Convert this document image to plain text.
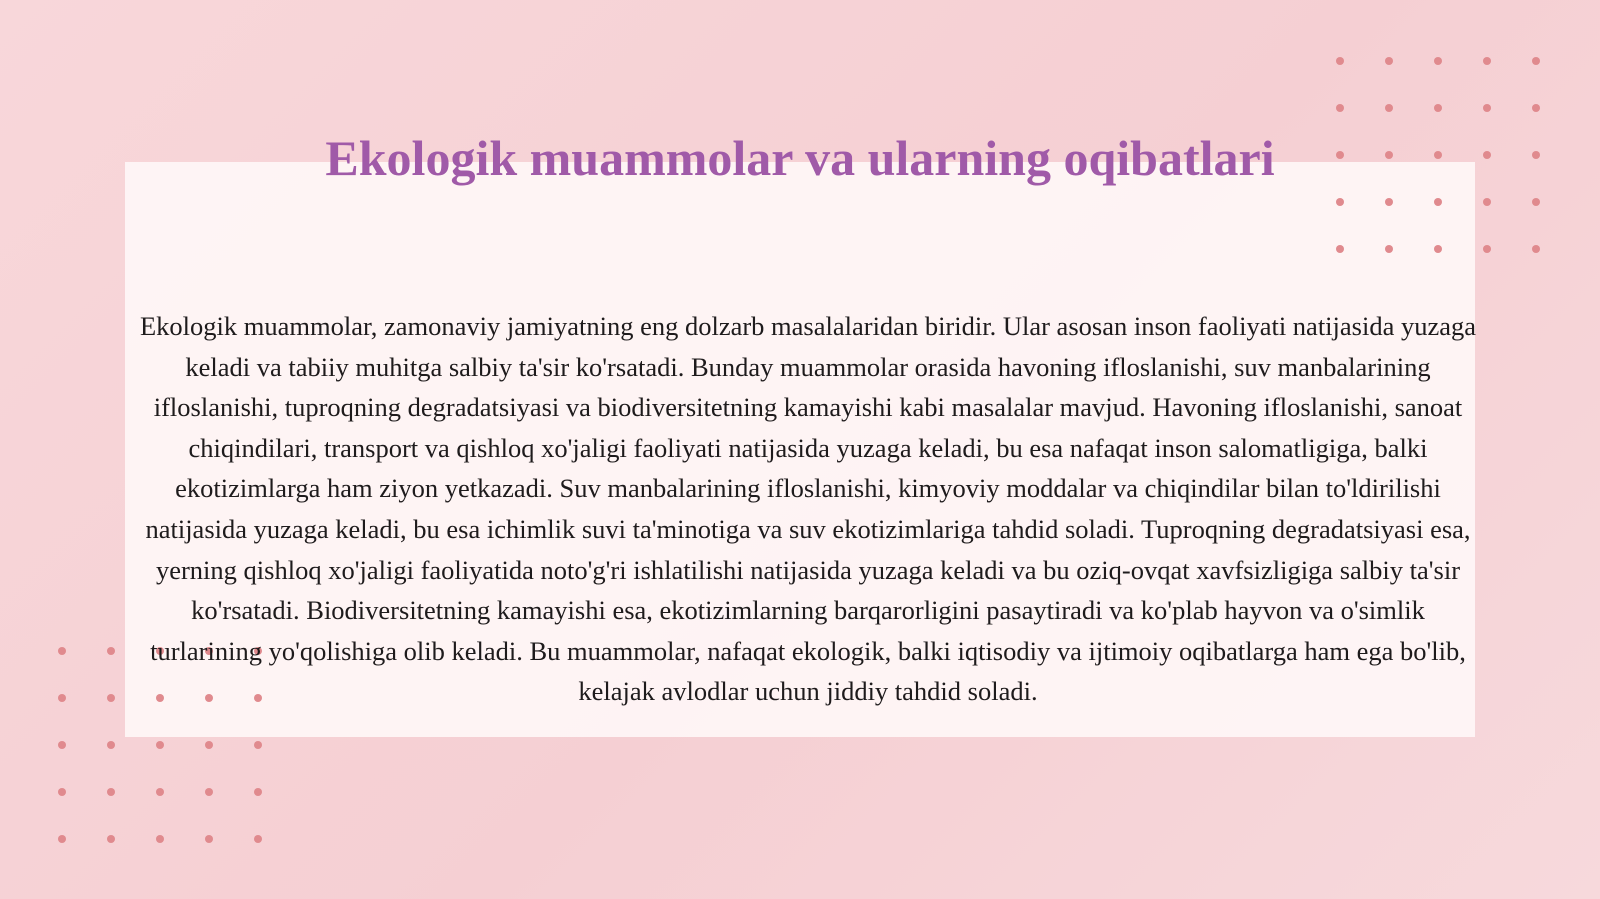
Ekologik muammolar va ularning oqibatlari

Ekologik muammolar, zamonaviy jamiyatning eng dolzarb masalalaridan biridir. Ular asosan inson faoliyati natijasida yuzaga keladi va tabiiy muhitga salbiy ta'sir ko'rsatadi. Bunday muammolar orasida havoning ifloslanishi, suv manbalarining ifloslanishi, tuproqning degradatsiyasi va biodiversitetning kamayishi kabi masalalar mavjud. Havoning ifloslanishi, sanoat chiqindilari, transport va qishloq xo'jaligi faoliyati natijasida yuzaga keladi, bu esa nafaqat inson salomatligiga, balki ekotizimlarga ham ziyon yetkazadi. Suv manbalarining ifloslanishi, kimyoviy moddalar va chiqindilar bilan to'ldirilishi natijasida yuzaga keladi, bu esa ichimlik suvi ta'minotiga va suv ekotizimlariga tahdid soladi. Tuproqning degradatsiyasi esa, yerning qishloq xo'jaligi faoliyatida noto'g'ri ishlatilishi natijasida yuzaga keladi va bu oziq-ovqat xavfsizligiga salbiy ta'sir ko'rsatadi. Biodiversitetning kamayishi esa, ekotizimlarning barqarorligini pasaytiradi va ko'plab hayvon va o'simlik turlarining yo'qolishiga olib keladi. Bu muammolar, nafaqat ekologik, balki iqtisodiy va ijtimoiy oqibatlarga ham ega bo'lib, kelajak avlodlar uchun jiddiy tahdid soladi.
